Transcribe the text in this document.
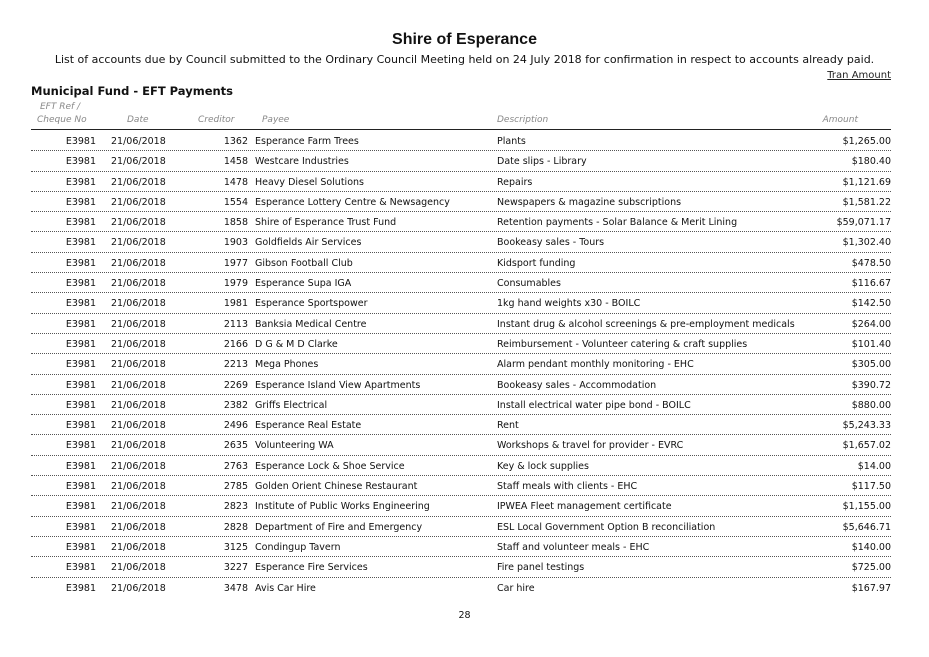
Shire of Esperance
List of accounts due by Council submitted to the Ordinary Council Meeting held on 24 July 2018 for confirmation in respect to accounts already paid.
Tran Amount
Municipal Fund - EFT Payments
EFT Ref /
Cheque No	Date	Creditor	Payee	Description	Amount
E3981 21/06/2018	1362 Esperance Farm Trees	Plants	$1,265.00
E3981 21/06/2018	1458 Westcare Industries	Date slips - Library	$180.40
E3981 21/06/2018	1478 Heavy Diesel Solutions	Repairs	$1,121.69
E3981 21/06/2018	1554 Esperance Lottery Centre & Newsagency	Newspapers & magazine subscriptions	$1,581.22
E3981 21/06/2018	1858 Shire of Esperance Trust Fund	Retention payments - Solar Balance & Merit Lining	$59,071.17
E3981 21/06/2018	1903 Goldfields Air Services	Bookeasy sales - Tours	$1,302.40
E3981 21/06/2018	1977 Gibson Football Club	Kidsport funding	$478.50
E3981 21/06/2018	1979 Esperance Supa IGA	Consumables	$116.67
E3981 21/06/2018	1981 Esperance Sportspower	1kg hand weights x30 - BOILC	$142.50
E3981 21/06/2018	2113 Banksia Medical Centre	Instant drug & alcohol screenings & pre-employment medicals	$264.00
E3981 21/06/2018	2166 D G & M D Clarke	Reimbursement - Volunteer catering & craft supplies	$101.40
E3981 21/06/2018	2213 Mega Phones	Alarm pendant monthly monitoring - EHC	$305.00
E3981 21/06/2018	2269 Esperance Island View Apartments	Bookeasy sales - Accommodation	$390.72
E3981 21/06/2018	2382 Griffs Electrical	Install electrical water pipe bond - BOILC	$880.00
E3981 21/06/2018	2496 Esperance Real Estate	Rent	$5,243.33
E3981 21/06/2018	2635 Volunteering WA	Workshops & travel for provider - EVRC	$1,657.02
E3981 21/06/2018	2763 Esperance Lock & Shoe Service	Key & lock supplies	$14.00
E3981 21/06/2018	2785 Golden Orient Chinese Restaurant	Staff meals with clients - EHC	$117.50
E3981 21/06/2018	2823 Institute of Public Works Engineering	IPWEA Fleet management certificate	$1,155.00
E3981 21/06/2018	2828 Department of Fire and Emergency	ESL Local Government Option B reconciliation	$5,646.71
E3981 21/06/2018	3125 Condingup Tavern	Staff and volunteer meals - EHC	$140.00
E3981 21/06/2018	3227 Esperance Fire Services	Fire panel testings	$725.00
E3981 21/06/2018	3478 Avis Car Hire	Car hire	$167.97
28
